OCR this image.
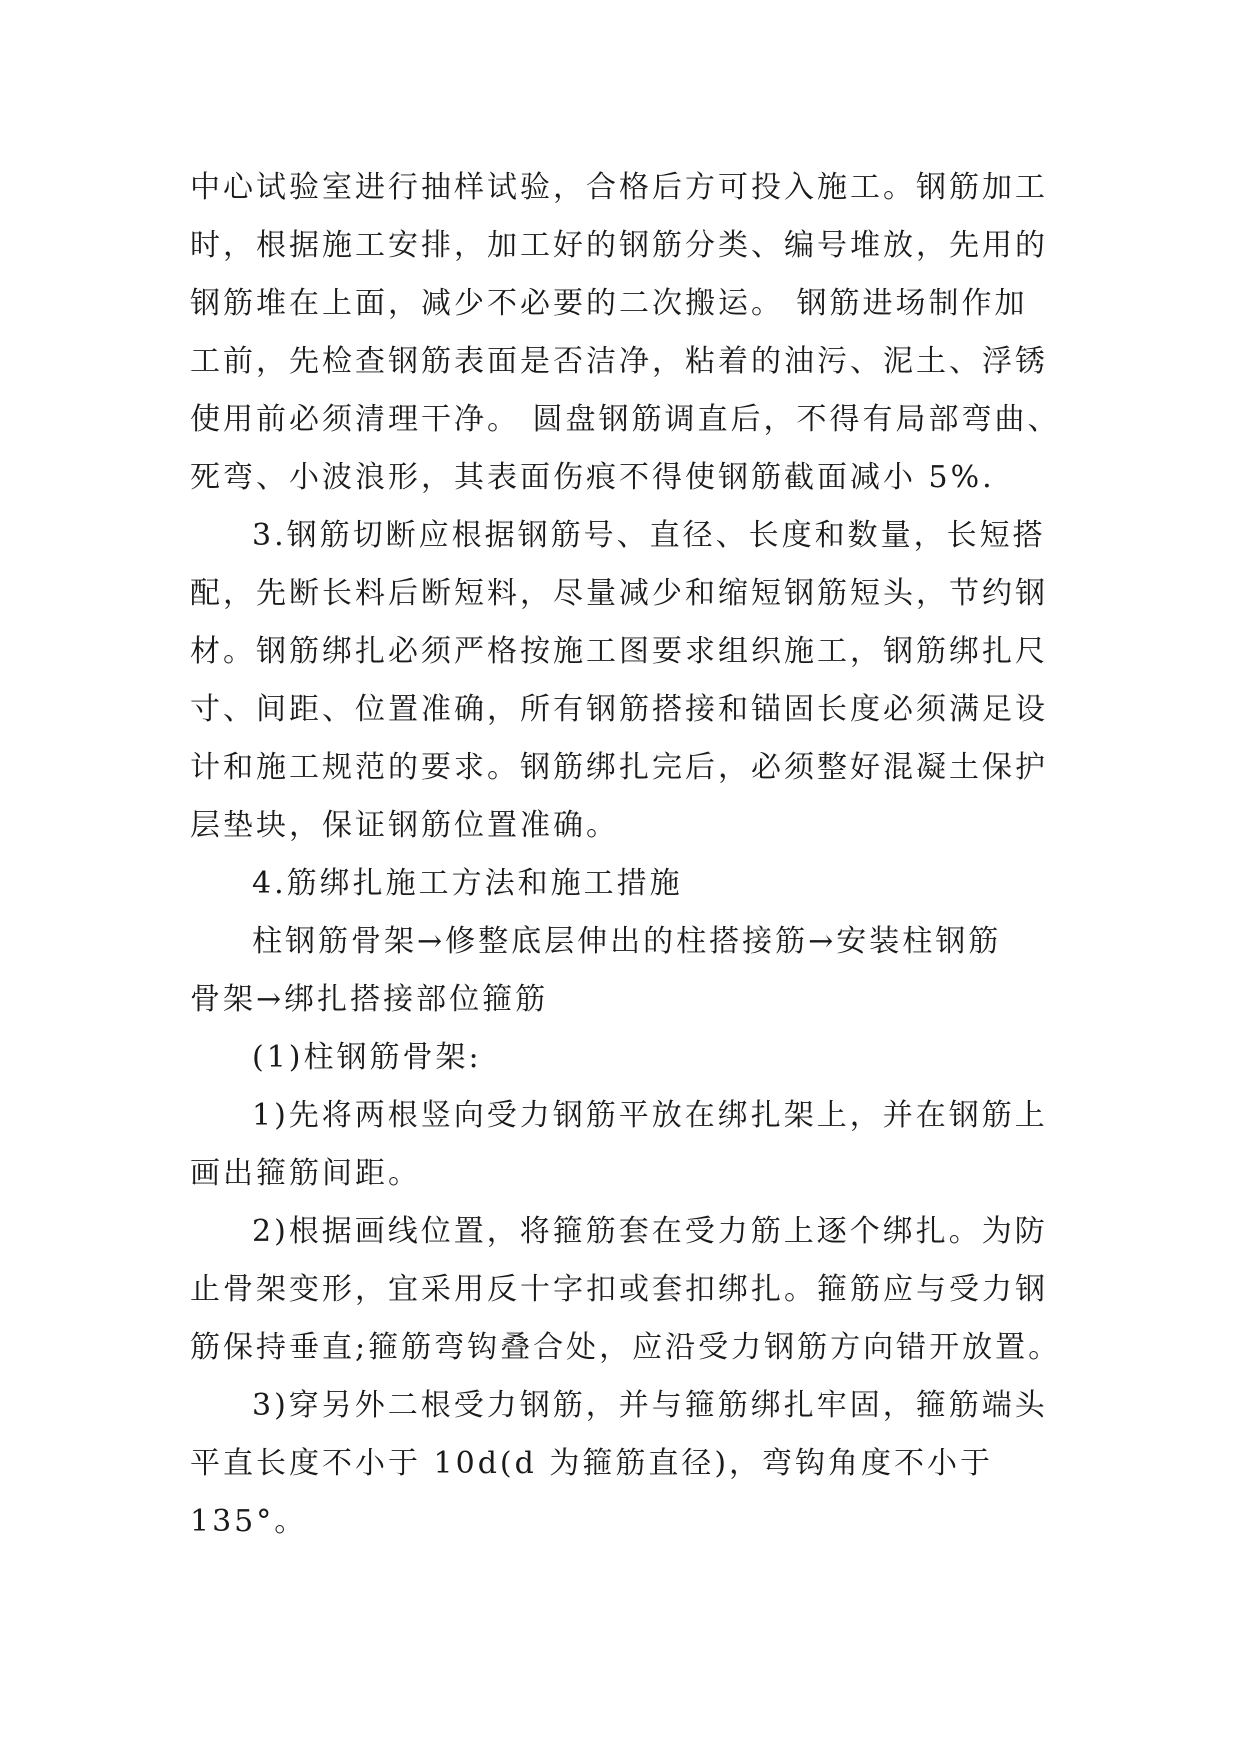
中心试验室进行抽样试验，合格后方可投入施工。钢筋加工
时，根据施工安排，加工好的钢筋分类、编号堆放，先用的
钢筋堆在上面，减少不必要的二次搬运。 钢筋进场制作加
工前，先检查钢筋表面是否洁净，粘着的油污、泥土、浮锈
使用前必须清理干净。 圆盘钢筋调直后，不得有局部弯曲、
死弯、小波浪形，其表面伤痕不得使钢筋截面减小 5%.
3.钢筋切断应根据钢筋号、直径、长度和数量，长短搭
配，先断长料后断短料，尽量减少和缩短钢筋短头，节约钢
材。钢筋绑扎必须严格按施工图要求组织施工，钢筋绑扎尺
寸、间距、位置准确，所有钢筋搭接和锚固长度必须满足设
计和施工规范的要求。钢筋绑扎完后，必须整好混凝土保护
层垫块，保证钢筋位置准确。
4.筋绑扎施工方法和施工措施
柱钢筋骨架→修整底层伸出的柱搭接筋→安装柱钢筋
骨架→绑扎搭接部位箍筋
(1)柱钢筋骨架:
1)先将两根竖向受力钢筋平放在绑扎架上，并在钢筋上
画出箍筋间距。
2)根据画线位置，将箍筋套在受力筋上逐个绑扎。为防
止骨架变形，宜采用反十字扣或套扣绑扎。箍筋应与受力钢
筋保持垂直;箍筋弯钩叠合处，应沿受力钢筋方向错开放置。
3)穿另外二根受力钢筋，并与箍筋绑扎牢固，箍筋端头
平直长度不小于 10d(d 为箍筋直径)，弯钩角度不小于
135°。
